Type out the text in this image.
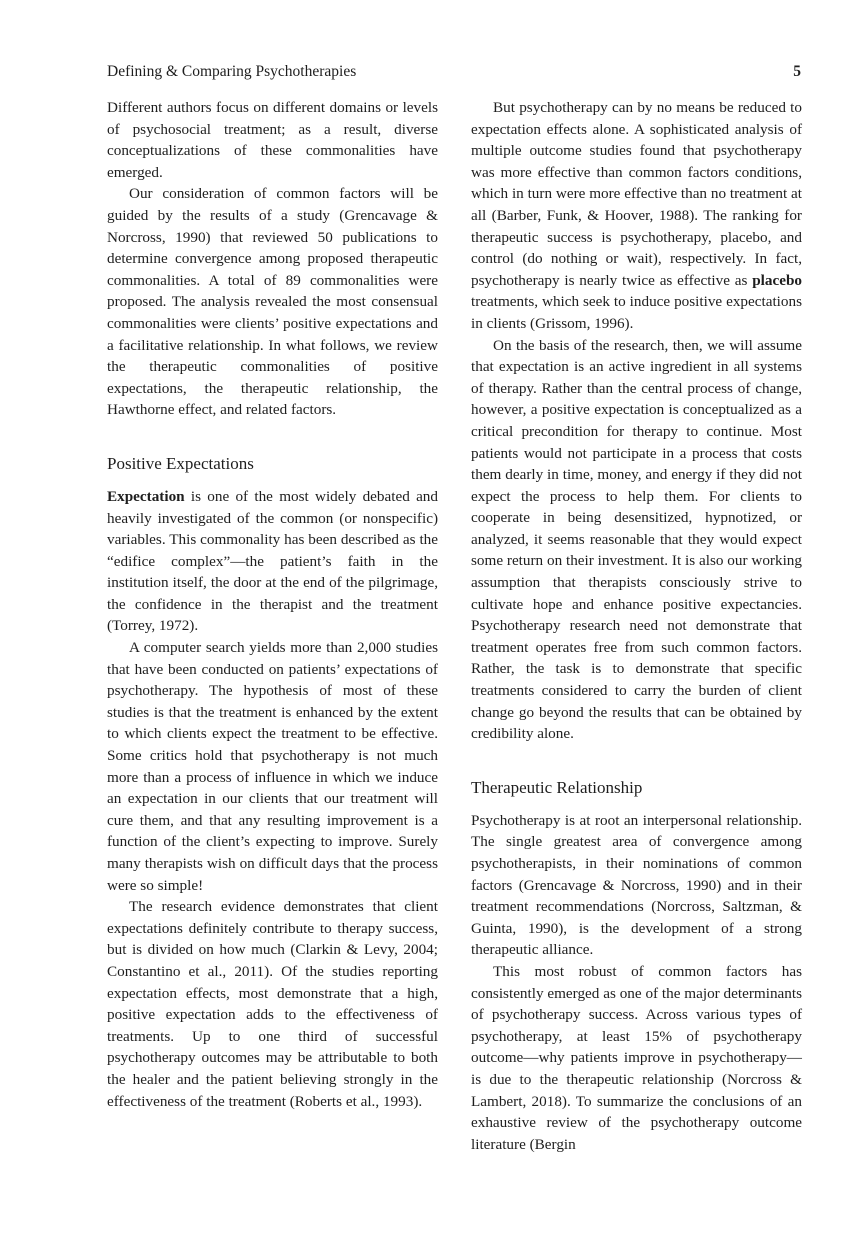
Defining & Comparing Psychotherapies	5

Different authors focus on different domains or levels of psychosocial treatment; as a result, diverse conceptualizations of these commonalities have emerged.

Our consideration of common factors will be guided by the results of a study (Grencavage & Norcross, 1990) that reviewed 50 publications to determine convergence among proposed therapeutic commonalities. A total of 89 commonalities were proposed. The analysis revealed the most consensual commonalities were clients’ positive expectations and a facilitative relationship. In what follows, we review the therapeutic commonalities of positive expectations, the therapeutic relationship, the Hawthorne effect, and related factors.

Positive Expectations

Expectation is one of the most widely debated and heavily investigated of the common (or nonspecific) variables. This commonality has been described as the “edifice complex”—the patient’s faith in the institution itself, the door at the end of the pilgrimage, the confidence in the therapist and the treatment (Torrey, 1972).

A computer search yields more than 2,000 studies that have been conducted on patients’ expectations of psychotherapy. The hypothesis of most of these studies is that the treatment is enhanced by the extent to which clients expect the treatment to be effective. Some critics hold that psychotherapy is not much more than a process of influence in which we induce an expectation in our clients that our treatment will cure them, and that any resulting improvement is a function of the client’s expecting to improve. Surely many therapists wish on difficult days that the process were so simple!

The research evidence demonstrates that client expectations definitely contribute to therapy success, but is divided on how much (Clarkin & Levy, 2004; Constantino et al., 2011). Of the studies reporting expectation effects, most demonstrate that a high, positive expectation adds to the effectiveness of treatments. Up to one third of successful psychotherapy outcomes may be attributable to both the healer and the patient believing strongly in the effectiveness of the treatment (Roberts et al., 1993).

But psychotherapy can by no means be reduced to expectation effects alone. A sophisticated analysis of multiple outcome studies found that psychotherapy was more effective than common factors conditions, which in turn were more effective than no treatment at all (Barber, Funk, & Hoover, 1988). The ranking for therapeutic success is psychotherapy, placebo, and control (do nothing or wait), respectively. In fact, psychotherapy is nearly twice as effective as placebo treatments, which seek to induce positive expectations in clients (Grissom, 1996).

On the basis of the research, then, we will assume that expectation is an active ingredient in all systems of therapy. Rather than the central process of change, however, a positive expectation is conceptualized as a critical precondition for therapy to continue. Most patients would not participate in a process that costs them dearly in time, money, and energy if they did not expect the process to help them. For clients to cooperate in being desensitized, hypnotized, or analyzed, it seems reasonable that they would expect some return on their investment. It is also our working assumption that therapists consciously strive to cultivate hope and enhance positive expectancies. Psychotherapy research need not demonstrate that treatment operates free from such common factors. Rather, the task is to demonstrate that specific treatments considered to carry the burden of client change go beyond the results that can be obtained by credibility alone.

Therapeutic Relationship

Psychotherapy is at root an interpersonal relationship. The single greatest area of convergence among psychotherapists, in their nominations of common factors (Grencavage & Norcross, 1990) and in their treatment recommendations (Norcross, Saltzman, & Guinta, 1990), is the development of a strong therapeutic alliance.

This most robust of common factors has consistently emerged as one of the major determinants of psychotherapy success. Across various types of psychotherapy, at least 15% of psychotherapy outcome—why patients improve in psychotherapy—is due to the therapeutic relationship (Norcross & Lambert, 2018). To summarize the conclusions of an exhaustive review of the psychotherapy outcome literature (Bergin
